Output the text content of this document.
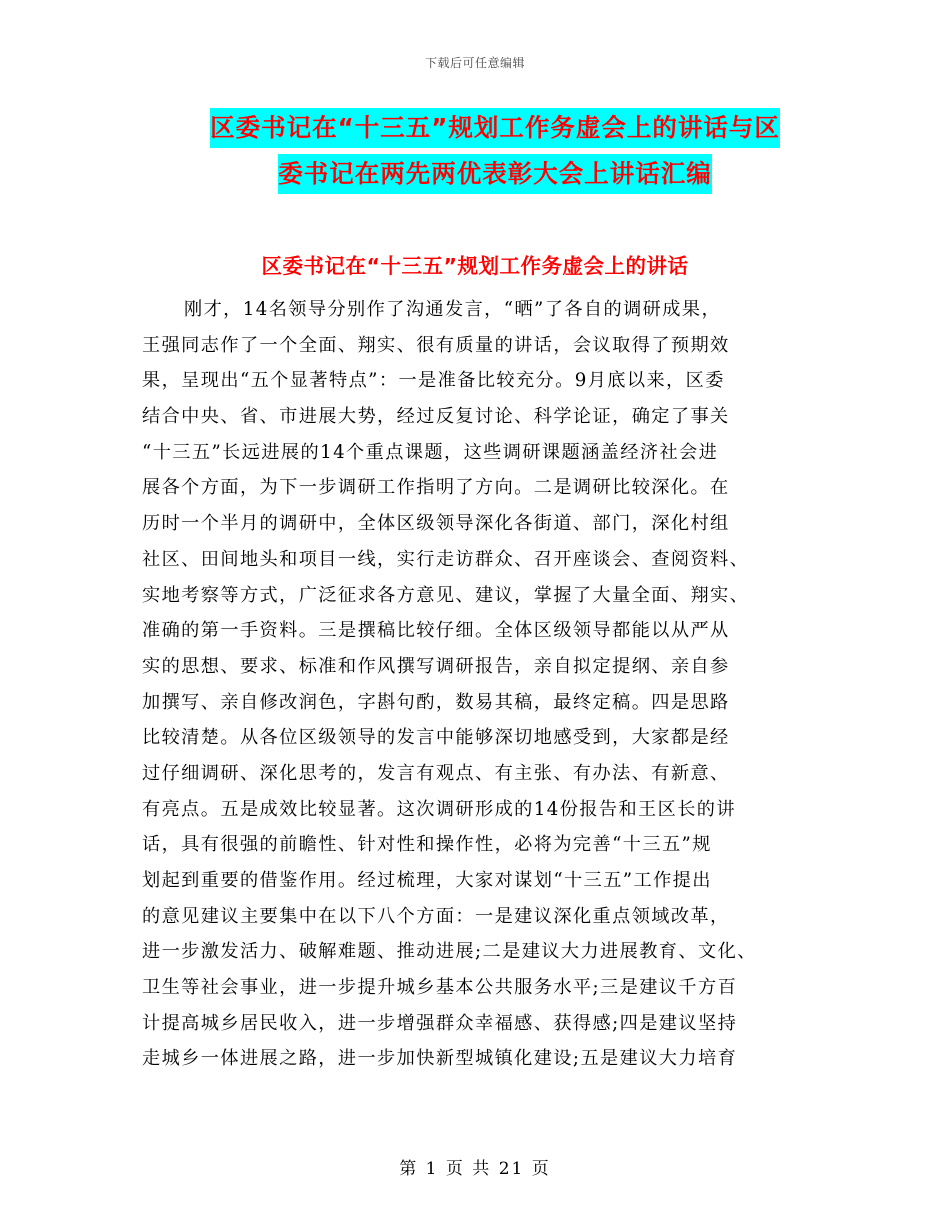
下载后可任意编辑
区委书记在“十三五”规划工作务虚会上的讲话与区
委书记在两先两优表彰大会上讲话汇编
区委书记在“十三五”规划工作务虚会上的讲话
刚才，14名领导分别作了沟通发言，“晒”了各自的调研成果，
王强同志作了一个全面、翔实、很有质量的讲话，会议取得了预期效
果，呈现出“五个显著特点”：一是准备比较充分。9月底以来，区委
结合中央、省、市进展大势，经过反复讨论、科学论证，确定了事关
“十三五”长远进展的14个重点课题，这些调研课题涵盖经济社会进
展各个方面，为下一步调研工作指明了方向。二是调研比较深化。在
历时一个半月的调研中，全体区级领导深化各街道、部门，深化村组
社区、田间地头和项目一线，实行走访群众、召开座谈会、查阅资料、
实地考察等方式，广泛征求各方意见、建议，掌握了大量全面、翔实、
准确的第一手资料。三是撰稿比较仔细。全体区级领导都能以从严从
实的思想、要求、标准和作风撰写调研报告，亲自拟定提纲、亲自参
加撰写、亲自修改润色，字斟句酌，数易其稿，最终定稿。四是思路
比较清楚。从各位区级领导的发言中能够深切地感受到，大家都是经
过仔细调研、深化思考的，发言有观点、有主张、有办法、有新意、
有亮点。五是成效比较显著。这次调研形成的14份报告和王区长的讲
话，具有很强的前瞻性、针对性和操作性，必将为完善“十三五”规
划起到重要的借鉴作用。经过梳理，大家对谋划“十三五”工作提出
的意见建议主要集中在以下八个方面：一是建议深化重点领域改革，
进一步激发活力、破解难题、推动进展;二是建议大力进展教育、文化、
卫生等社会事业，进一步提升城乡基本公共服务水平;三是建议千方百
计提高城乡居民收入，进一步增强群众幸福感、获得感;四是建议坚持
走城乡一体进展之路，进一步加快新型城镇化建设;五是建议大力培育
第 1 页 共 21 页
